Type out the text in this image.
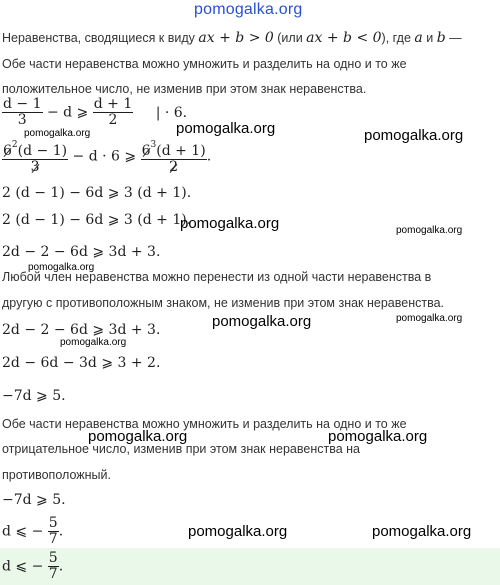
pomogalka.org
Неравенства, сводящиеся к виду ax + b > 0 (или ax + b < 0), где a и b —
Обе части неравенства можно умножить и разделить на одно и то же
положительное число, не изменив при этом знак неравенства.
$\frac{d - 1}{3} - d$ ⩾ $\frac{d + 1}{2}$ | · 6.
$\frac{6^2(d - 1)}{3} - d \cdot 6$ ⩾ $\frac{6^3(d + 1)}{2}$ .
2 (d − 1) − 6d ⩾ 3 (d + 1).
2 (d − 1) − 6d ⩾ 3 (d + 1).
2d − 2 − 6d ⩾ 3d + 3.
Любой член неравенства можно перенести из одной части неравенства в
другую с противоположным знаком, не изменив при этом знак неравенства.
2d − 2 − 6d ⩾ 3d + 3.
2d − 6d − 3d ⩾ 3 + 2.
−7d ⩾ 5.
Обе части неравенства можно умножить и разделить на одно и то же
отрицательное число, изменив при этом знак неравенства на
противоположный.
−7d ⩾ 5.
d ⩽ − $\frac{5}{7}$ .
d ⩽ − $\frac{5}{7}$ .
pomogalka.org	pomogalka.org	pomogalka.org
pomogalka.org	pomogalka.org
pomogalka.org
pomogalka.org	pomogalka.org
pomogalka.org
pomogalka.org	pomogalka.org
pomogalka.org	pomogalka.org
